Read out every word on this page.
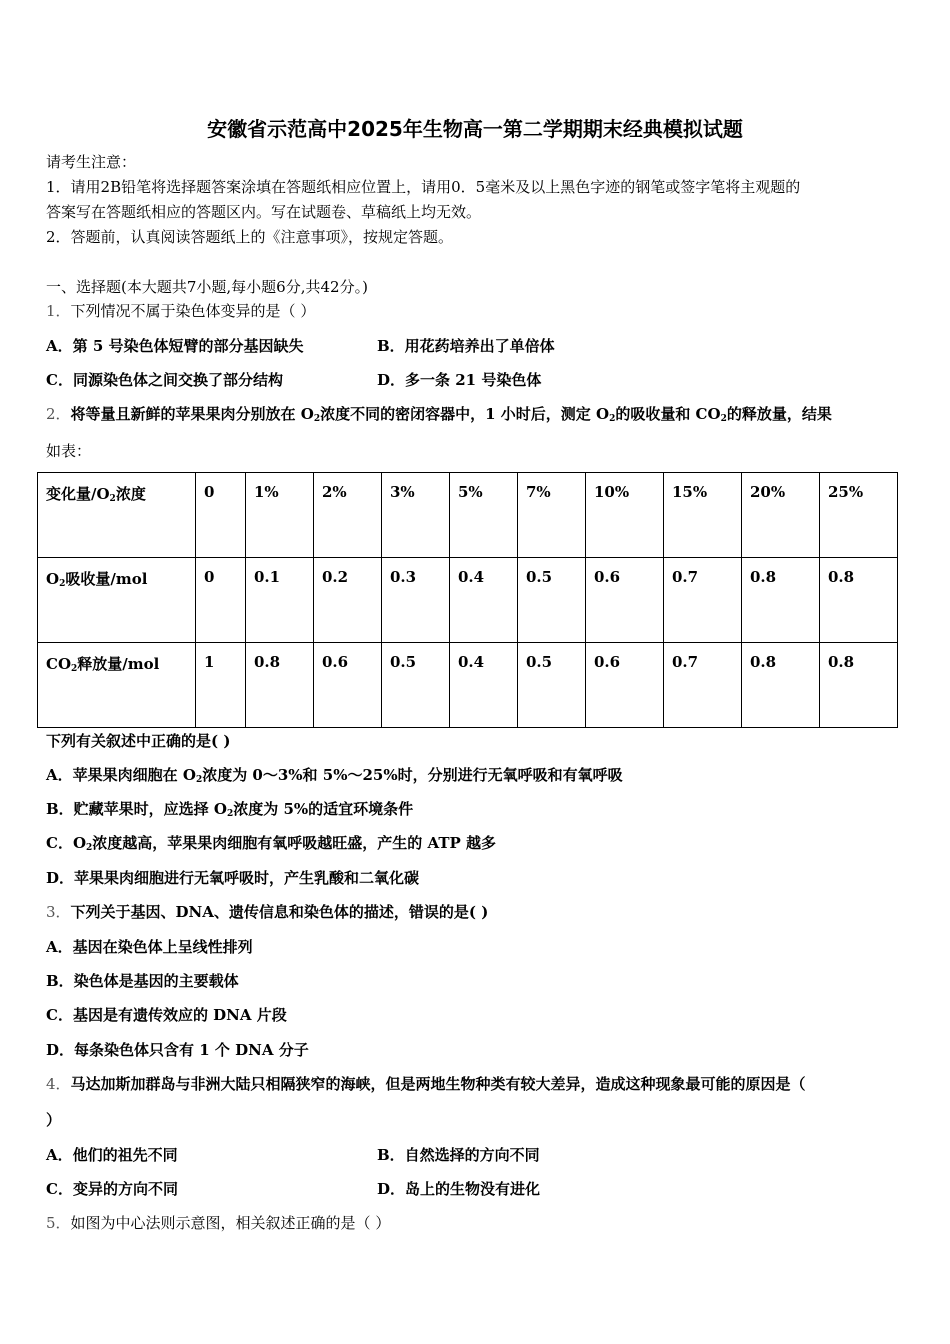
安徽省示范高中2025年生物高一第二学期期末经典模拟试题
请考生注意：
1．请用2B铅笔将选择题答案涂填在答题纸相应位置上，请用0．5毫米及以上黑色字迹的钢笔或签字笔将主观题的
答案写在答题纸相应的答题区内。写在试题卷、草稿纸上均无效。
2．答题前，认真阅读答题纸上的《注意事项》，按规定答题。
一、选择题(本大题共7小题,每小题6分,共42分。)
1．下列情况不属于染色体变异的是（ ）
A．第 5 号染色体短臂的部分基因缺失	B．用花药培养出了单倍体
C．同源染色体之间交换了部分结构	D．多一条 21 号染色体
2．将等量且新鲜的苹果果肉分别放在 $O_2$浓度不同的密闭容器中，1 小时后，测定 $O_2$的吸收量和 $CO_2$的释放量，结果
如表：
变化量$/O_2$浓度	0	1%	2%	3%	5%	7%	10%	15%	20%	25%
$O_2$吸收量/mol	0	0.1	0.2	0.3	0.4	0.5	0.6	0.7	0.8	0.8
$CO_2$释放量/mol	1	0.8	0.6	0.5	0.4	0.5	0.6	0.7	0.8	0.8
下列有关叙述中正确的是( )
A．苹果果肉细胞在 $O_2$浓度为 0～3%和 5%～25%时，分别进行无氧呼吸和有氧呼吸
B．贮藏苹果时，应选择 $O_2$浓度为 5%的适宜环境条件
C．$O_2$浓度越高，苹果果肉细胞有氧呼吸越旺盛，产生的 ATP 越多
D．苹果果肉细胞进行无氧呼吸时，产生乳酸和二氧化碳
3．下列关于基因、DNA、遗传信息和染色体的描述，错误的是( )
A．基因在染色体上呈线性排列
B．染色体是基因的主要载体
C．基因是有遗传效应的 DNA 片段
D．每条染色体只含有 1 个 DNA 分子
4．马达加斯加群岛与非洲大陆只相隔狭窄的海峡，但是两地生物种类有较大差异，造成这种现象最可能的原因是（
）
A．他们的祖先不同	B．自然选择的方向不同
C．变异的方向不同	D．岛上的生物没有进化
5．如图为中心法则示意图，相关叙述正确的是（ ）
